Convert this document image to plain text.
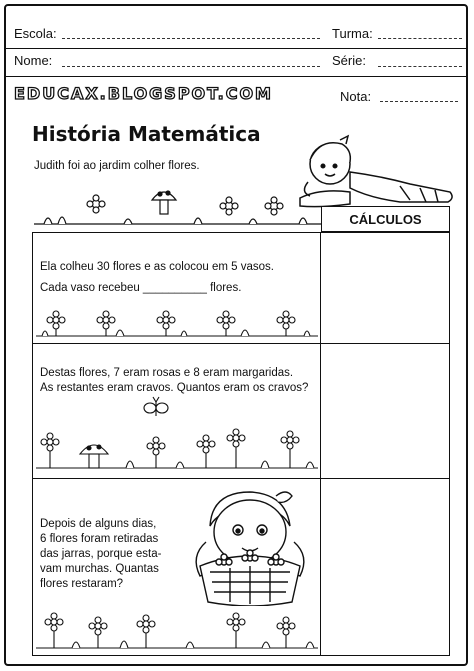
Escola:	Turma:
Nome:	Série:
EDUCAX.BLOGSPOT.COM	Nota:
História Matemática
Judith foi ao jardim colher flores.
CÁLCULOS
Ela colheu 30 flores e as colocou em 5 vasos.
Cada vaso recebeu __________ flores.
Destas flores, 7 eram rosas e 8 eram margaridas.
As restantes eram cravos. Quantos eram os cravos?
Depois de alguns dias,
6 flores foram retiradas
das jarras, porque esta-
vam murchas. Quantas
flores restaram?
